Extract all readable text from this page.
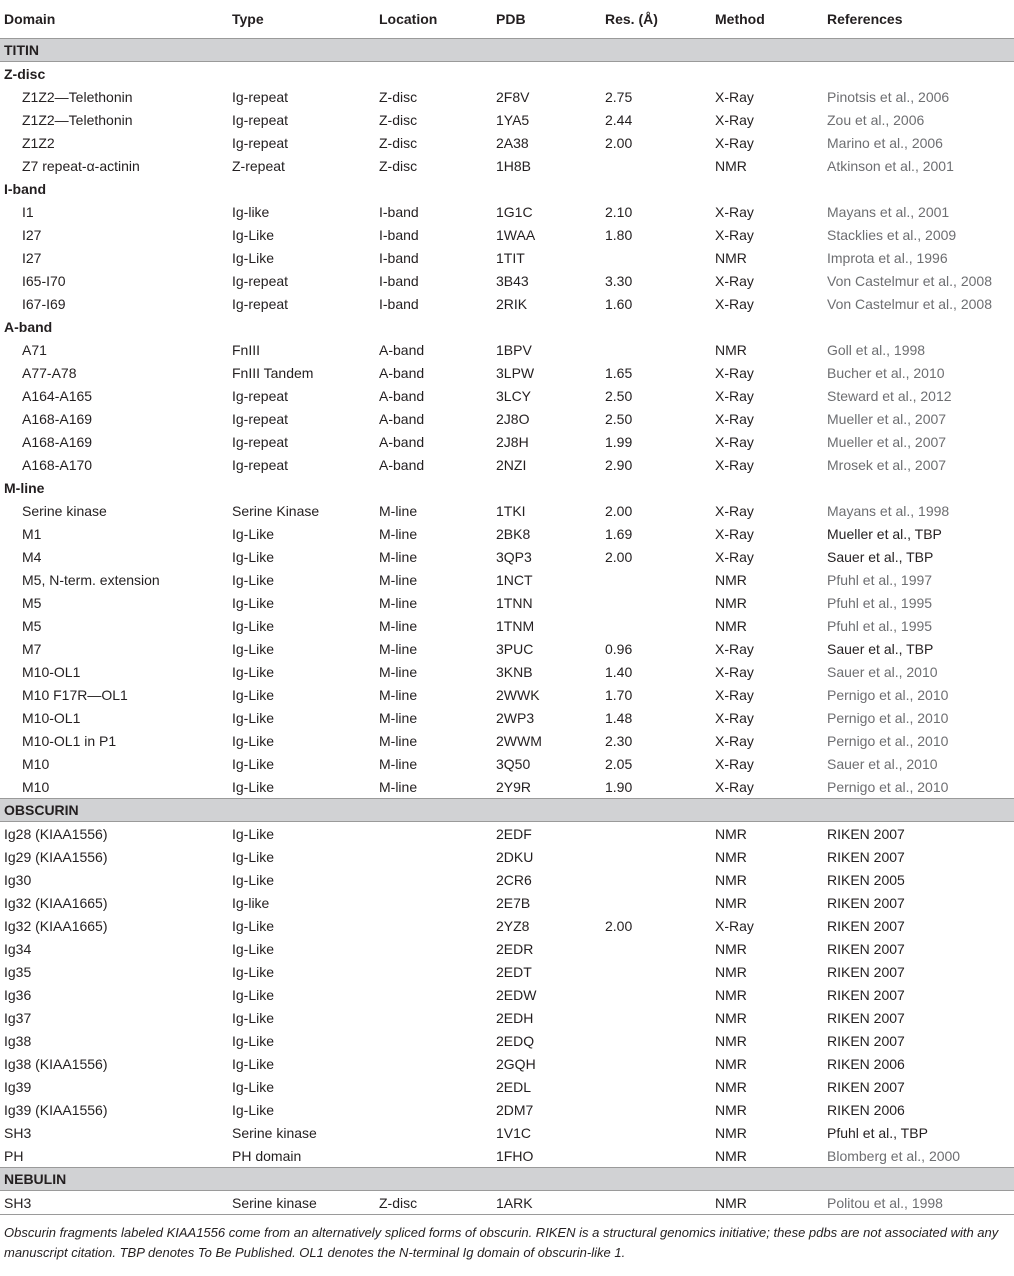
Domain	Type	Location	PDB	Res. (Å)	Method	References
TITIN						
Z-disc						
Z1Z2—Telethonin	Ig-repeat	Z-disc	2F8V	2.75	X-Ray	Pinotsis et al., 2006
Z1Z2—Telethonin	Ig-repeat	Z-disc	1YA5	2.44	X-Ray	Zou et al., 2006
Z1Z2	Ig-repeat	Z-disc	2A38	2.00	X-Ray	Marino et al., 2006
Z7 repeat-α-actinin	Z-repeat	Z-disc	1H8B		NMR	Atkinson et al., 2001
I-band						
I1	Ig-like	I-band	1G1C	2.10	X-Ray	Mayans et al., 2001
I27	Ig-Like	I-band	1WAA	1.80	X-Ray	Stacklies et al., 2009
I27	Ig-Like	I-band	1TIT		NMR	Improta et al., 1996
I65-I70	Ig-repeat	I-band	3B43	3.30	X-Ray	Von Castelmur et al., 2008
I67-I69	Ig-repeat	I-band	2RIK	1.60	X-Ray	Von Castelmur et al., 2008
A-band						
A71	FnIII	A-band	1BPV		NMR	Goll et al., 1998
A77-A78	FnIII Tandem	A-band	3LPW	1.65	X-Ray	Bucher et al., 2010
A164-A165	Ig-repeat	A-band	3LCY	2.50	X-Ray	Steward et al., 2012
A168-A169	Ig-repeat	A-band	2J8O	2.50	X-Ray	Mueller et al., 2007
A168-A169	Ig-repeat	A-band	2J8H	1.99	X-Ray	Mueller et al., 2007
A168-A170	Ig-repeat	A-band	2NZI	2.90	X-Ray	Mrosek et al., 2007
M-line						
Serine kinase	Serine Kinase	M-line	1TKI	2.00	X-Ray	Mayans et al., 1998
M1	Ig-Like	M-line	2BK8	1.69	X-Ray	Mueller et al., TBP
M4	Ig-Like	M-line	3QP3	2.00	X-Ray	Sauer et al., TBP
M5, N-term. extension	Ig-Like	M-line	1NCT		NMR	Pfuhl et al., 1997
M5	Ig-Like	M-line	1TNN		NMR	Pfuhl et al., 1995
M5	Ig-Like	M-line	1TNM		NMR	Pfuhl et al., 1995
M7	Ig-Like	M-line	3PUC	0.96	X-Ray	Sauer et al., TBP
M10-OL1	Ig-Like	M-line	3KNB	1.40	X-Ray	Sauer et al., 2010
M10 F17R—OL1	Ig-Like	M-line	2WWK	1.70	X-Ray	Pernigo et al., 2010
M10-OL1	Ig-Like	M-line	2WP3	1.48	X-Ray	Pernigo et al., 2010
M10-OL1 in P1	Ig-Like	M-line	2WWM	2.30	X-Ray	Pernigo et al., 2010
M10	Ig-Like	M-line	3Q50	2.05	X-Ray	Sauer et al., 2010
M10	Ig-Like	M-line	2Y9R	1.90	X-Ray	Pernigo et al., 2010
OBSCURIN						
Ig28 (KIAA1556)	Ig-Like		2EDF		NMR	RIKEN 2007
Ig29 (KIAA1556)	Ig-Like		2DKU		NMR	RIKEN 2007
Ig30	Ig-Like		2CR6		NMR	RIKEN 2005
Ig32 (KIAA1665)	Ig-like		2E7B		NMR	RIKEN 2007
Ig32 (KIAA1665)	Ig-Like		2YZ8	2.00	X-Ray	RIKEN 2007
Ig34	Ig-Like		2EDR		NMR	RIKEN 2007
Ig35	Ig-Like		2EDT		NMR	RIKEN 2007
Ig36	Ig-Like		2EDW		NMR	RIKEN 2007
Ig37	Ig-Like		2EDH		NMR	RIKEN 2007
Ig38	Ig-Like		2EDQ		NMR	RIKEN 2007
Ig38 (KIAA1556)	Ig-Like		2GQH		NMR	RIKEN 2006
Ig39	Ig-Like		2EDL		NMR	RIKEN 2007
Ig39 (KIAA1556)	Ig-Like		2DM7		NMR	RIKEN 2006
SH3	Serine kinase		1V1C		NMR	Pfuhl et al., TBP
PH	PH domain		1FHO		NMR	Blomberg et al., 2000
NEBULIN						
SH3	Serine kinase	Z-disc	1ARK		NMR	Politou et al., 1998
Obscurin fragments labeled KIAA1556 come from an alternatively spliced forms of obscurin. RIKEN is a structural genomics initiative; these pdbs are not associated with any manuscript citation. TBP denotes To Be Published. OL1 denotes the N-terminal Ig domain of obscurin-like 1.
